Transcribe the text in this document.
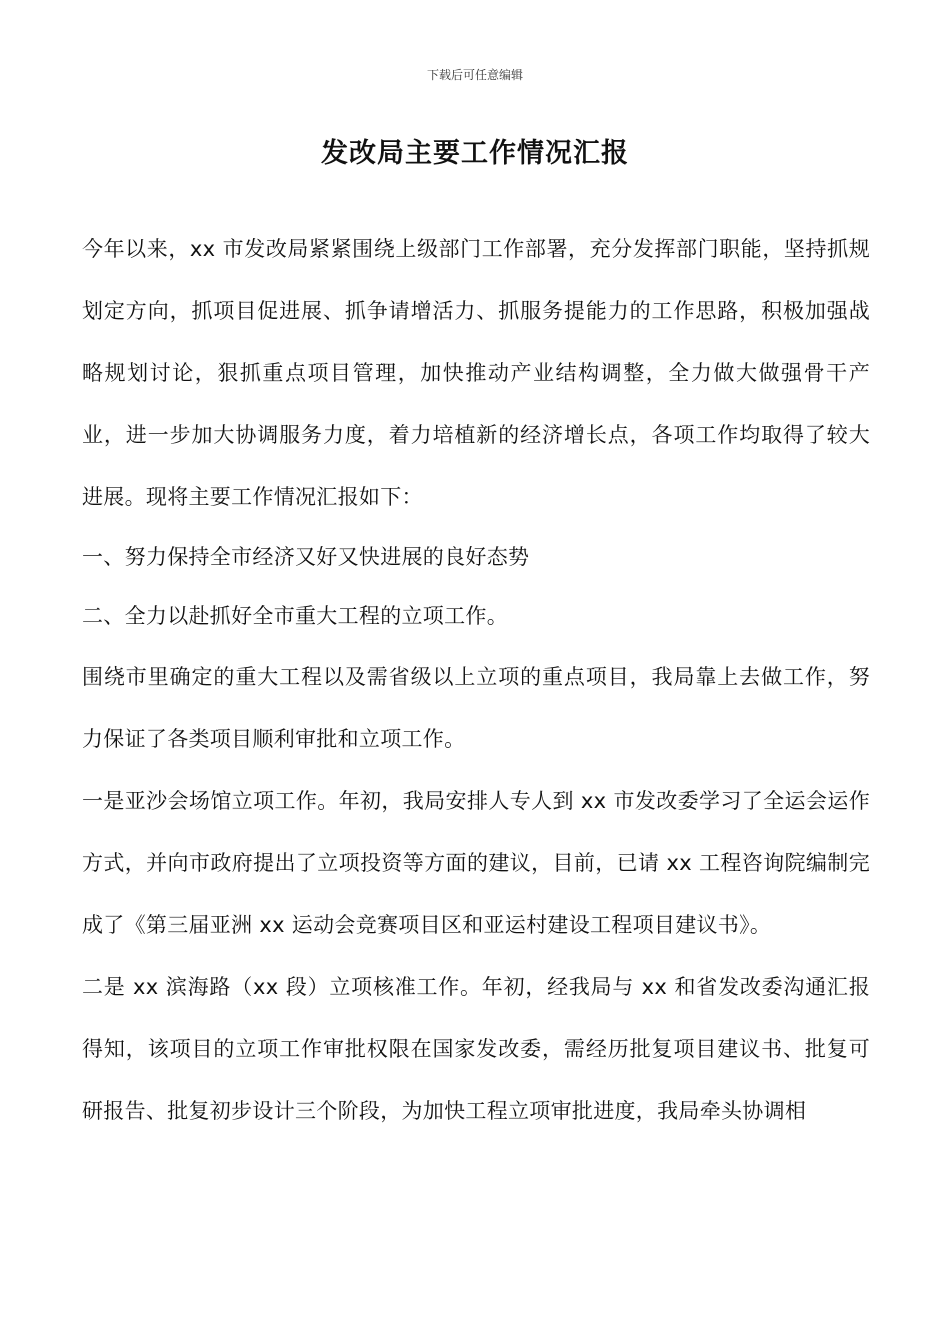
下载后可任意编辑
发改局主要工作情况汇报

今年以来，xx 市发改局紧紧围绕上级部门工作部署，充分发挥部门职能，坚持抓规划定方向，抓项目促进展、抓争请增活力、抓服务提能力的工作思路，积极加强战略规划讨论，狠抓重点项目管理，加快推动产业结构调整，全力做大做强骨干产业，进一步加大协调服务力度，着力培植新的经济增长点，各项工作均取得了较大进展。现将主要工作情况汇报如下：

一、努力保持全市经济又好又快进展的良好态势

二、全力以赴抓好全市重大工程的立项工作。

围绕市里确定的重大工程以及需省级以上立项的重点项目，我局靠上去做工作，努力保证了各类项目顺利审批和立项工作。

一是亚沙会场馆立项工作。年初，我局安排人专人到 xx 市发改委学习了全运会运作方式，并向市政府提出了立项投资等方面的建议，目前，已请 xx 工程咨询院编制完成了《第三届亚洲 xx 运动会竞赛项目区和亚运村建设工程项目建议书》。

二是 xx 滨海路（xx 段）立项核准工作。年初，经我局与 xx 和省发改委沟通汇报得知，该项目的立项工作审批权限在国家发改委，需经历批复项目建议书、批复可研报告、批复初步设计三个阶段，为加快工程立项审批进度，我局牵头协调相
